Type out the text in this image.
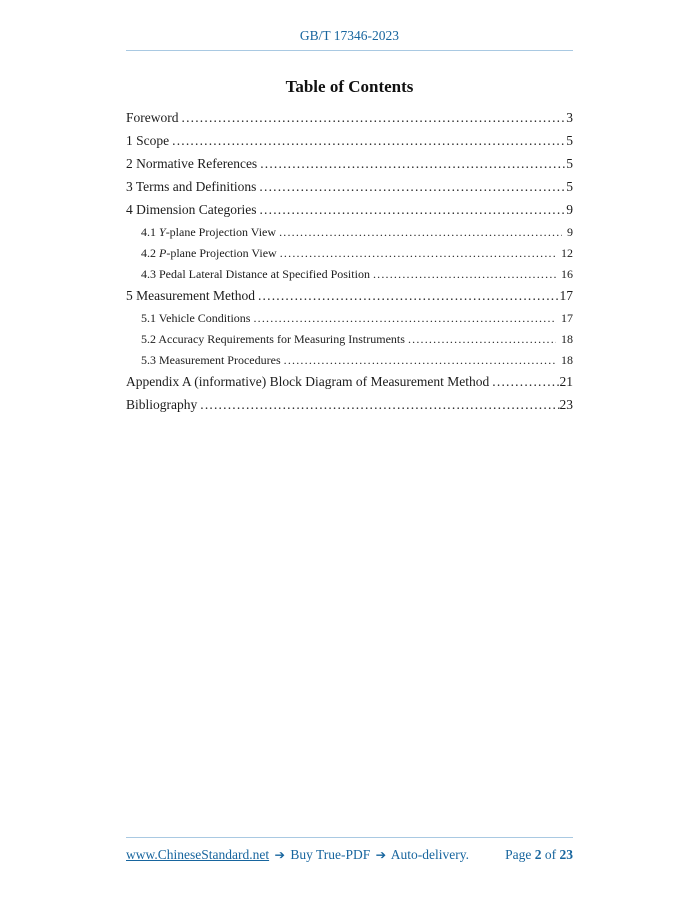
GB/T 17346-2023
Table of Contents
Foreword .....	3
1 Scope .....	5
2 Normative References .....	5
3 Terms and Definitions .....	5
4 Dimension Categories .....	9
4.1 Y-plane Projection View .....	9
4.2 P-plane Projection View .....	12
4.3 Pedal Lateral Distance at Specified Position .....	16
5 Measurement Method .....	17
5.1 Vehicle Conditions .....	17
5.2 Accuracy Requirements for Measuring Instruments .....	18
5.3 Measurement Procedures .....	18
Appendix A (informative) Block Diagram of Measurement Method .....	21
Bibliography .....	23
www.ChineseStandard.net ➔ Buy True-PDF ➔ Auto-delivery.	Page 2 of 23
